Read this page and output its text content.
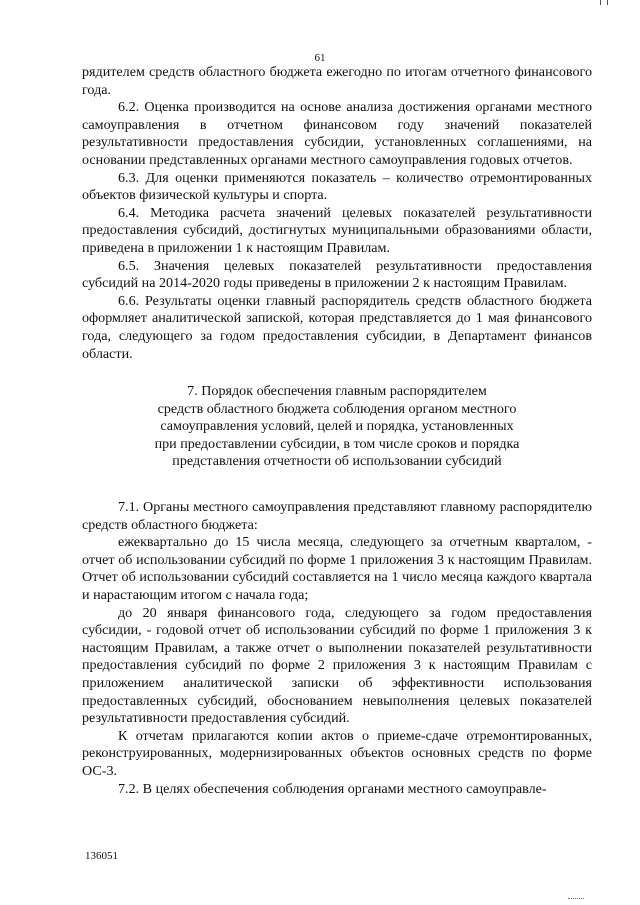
61

рядителем средств областного бюджета ежегодно по итогам отчетного финансового года.

6.2. Оценка производится на основе анализа достижения органами местного самоуправления в отчетном финансовом году значений показателей результативности предоставления субсидии, установленных соглашениями, на основании представленных органами местного самоуправления годовых отчетов.

6.3. Для оценки применяются показатель – количество отремонтированных объектов физической культуры и спорта.

6.4. Методика расчета значений целевых показателей результативности предоставления субсидий, достигнутых муниципальными образованиями области, приведена в приложении 1 к настоящим Правилам.

6.5. Значения целевых показателей результативности предоставления субсидий на 2014-2020 годы приведены в приложении 2 к настоящим Правилам.

6.6. Результаты оценки главный распорядитель средств областного бюджета оформляет аналитической запиской, которая представляется до 1 мая финансового года, следующего за годом предоставления субсидии, в Департамент финансов области.

7. Порядок обеспечения главным распорядителем
средств областного бюджета соблюдения органом местного
самоуправления условий, целей и порядка, установленных
при предоставлении субсидии, в том числе сроков и порядка
представления отчетности об использовании субсидий

7.1. Органы местного самоуправления представляют главному распорядителю средств областного бюджета:

ежеквартально до 15 числа месяца, следующего за отчетным кварталом, - отчет об использовании субсидий по форме 1 приложения 3 к настоящим Правилам. Отчет об использовании субсидий составляется на 1 число месяца каждого квартала и нарастающим итогом с начала года;

до 20 января финансового года, следующего за годом предоставления субсидии, - годовой отчет об использовании субсидий по форме 1 приложения 3 к настоящим Правилам, а также отчет о выполнении показателей результативности предоставления субсидий по форме 2 приложения 3 к настоящим Правилам с приложением аналитической записки об эффективности использования предоставленных субсидий, обоснованием невыполнения целевых показателей результативности предоставления субсидий.

К отчетам прилагаются копии актов о приеме-сдаче отремонтированных, реконструированных, модернизированных объектов основных средств по форме ОС-3.

7.2. В целях обеспечения соблюдения органами местного самоуправле-

136051
